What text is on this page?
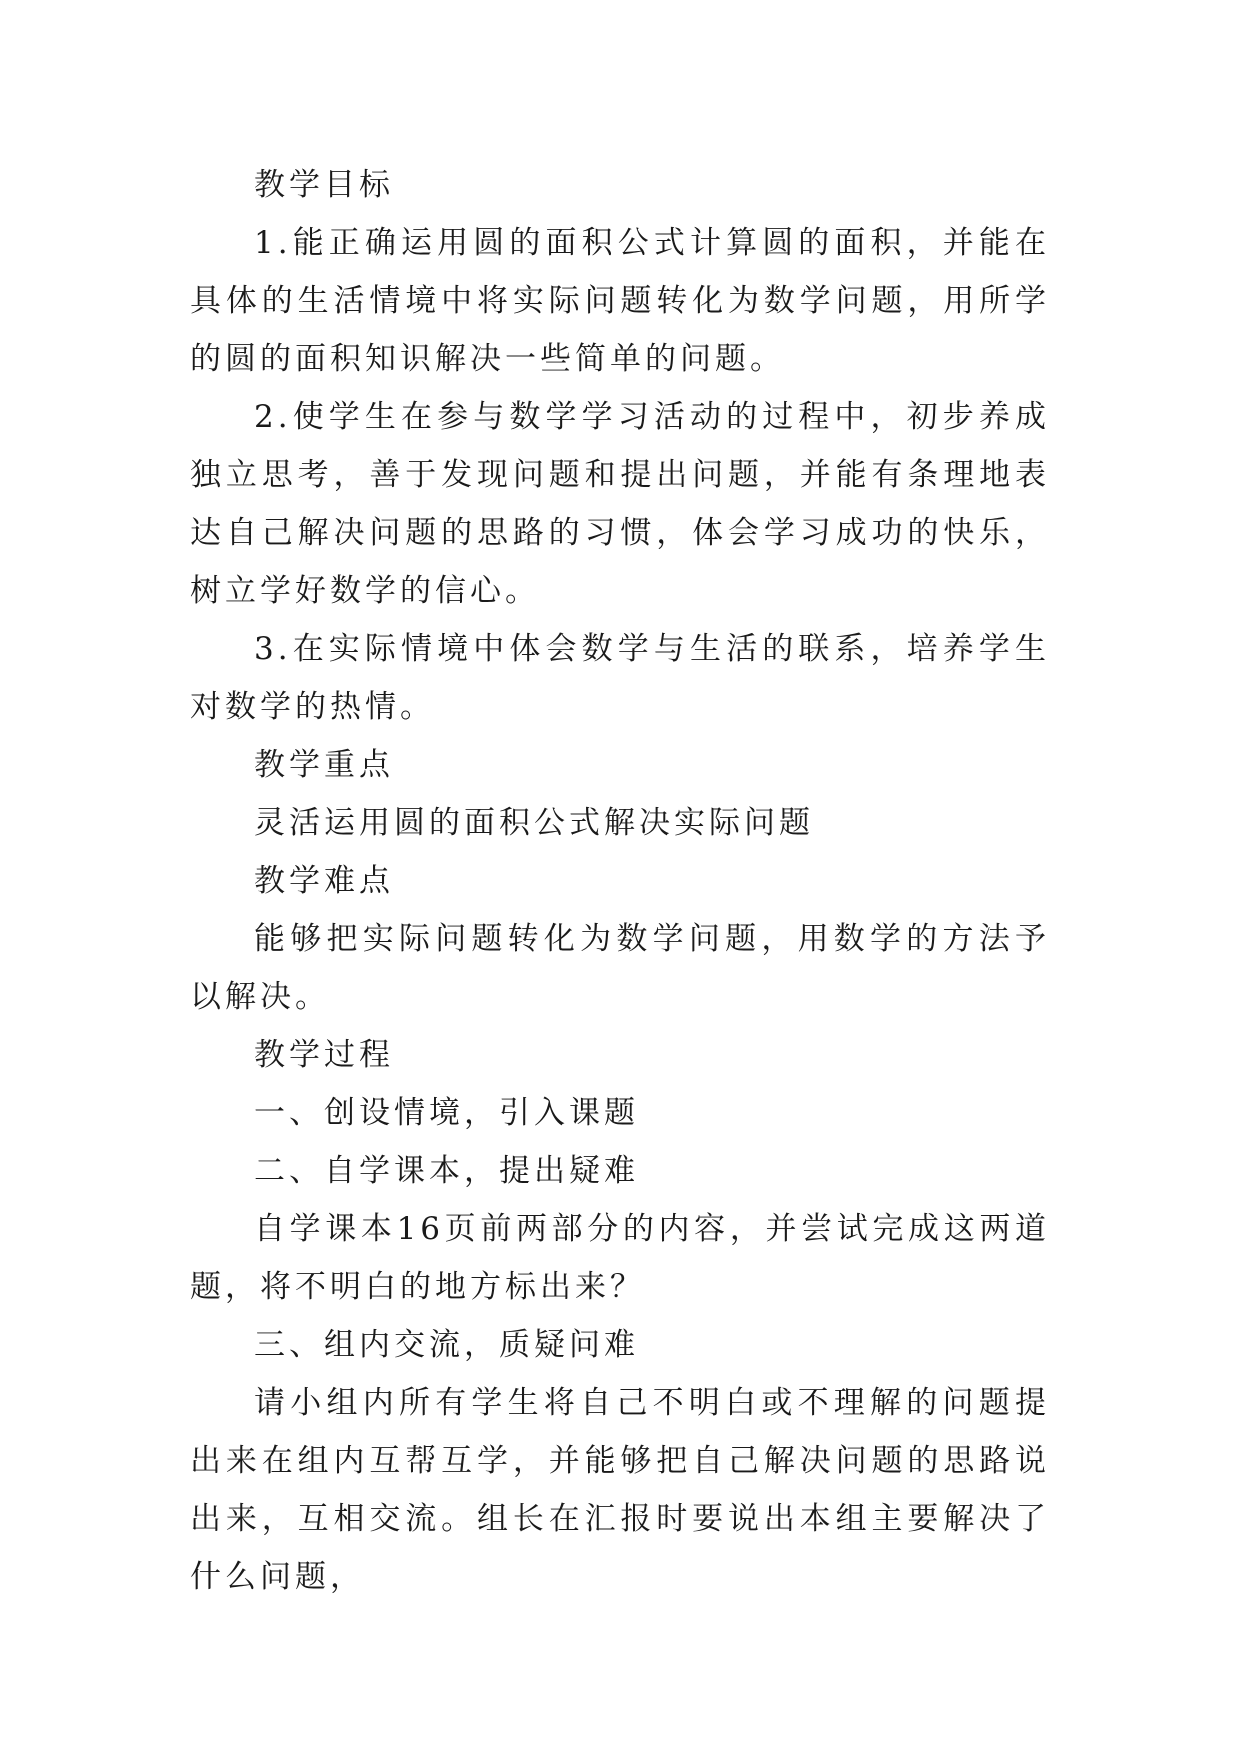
教学目标

1.能正确运用圆的面积公式计算圆的面积，并能在具体的生活情境中将实际问题转化为数学问题，用所学的圆的面积知识解决一些简单的问题。

2.使学生在参与数学学习活动的过程中，初步养成独立思考，善于发现问题和提出问题，并能有条理地表达自己解决问题的思路的习惯，体会学习成功的快乐，树立学好数学的信心。

3.在实际情境中体会数学与生活的联系，培养学生对数学的热情。

教学重点

灵活运用圆的面积公式解决实际问题

教学难点

能够把实际问题转化为数学问题，用数学的方法予以解决。

教学过程

一、创设情境，引入课题

二、自学课本，提出疑难

自学课本16页前两部分的内容，并尝试完成这两道题，将不明白的地方标出来？

三、组内交流，质疑问难

请小组内所有学生将自己不明白或不理解的问题提出来在组内互帮互学，并能够把自己解决问题的思路说出来，互相交流。组长在汇报时要说出本组主要解决了什么问题，
